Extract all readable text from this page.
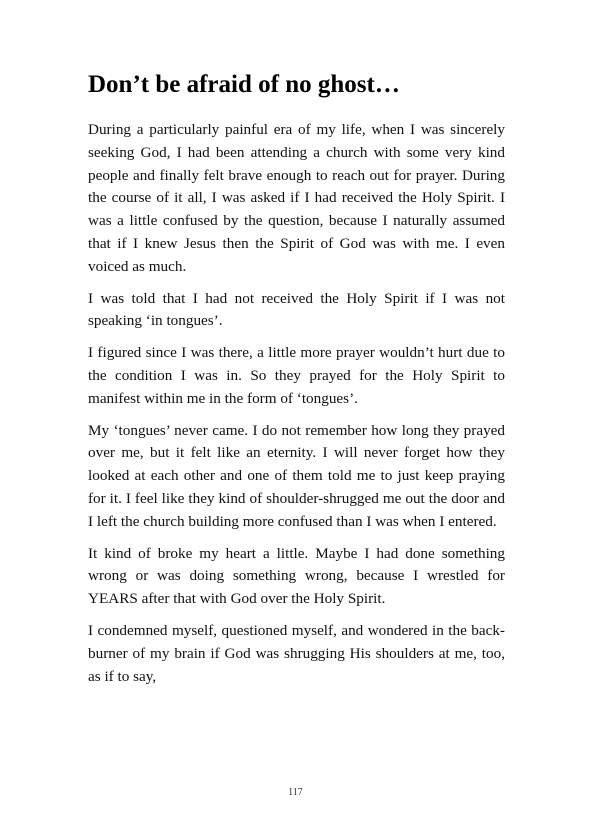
Don’t be afraid of no ghost…

During a particularly painful era of my life, when I was sincerely seeking God, I had been attending a church with some very kind people and finally felt brave enough to reach out for prayer. During the course of it all, I was asked if I had received the Holy Spirit. I was a little confused by the question, because I naturally assumed that if I knew Jesus then the Spirit of God was with me. I even voiced as much.

I was told that I had not received the Holy Spirit if I was not speaking ‘in tongues’.

I figured since I was there, a little more prayer wouldn’t hurt due to the condition I was in. So they prayed for the Holy Spirit to manifest within me in the form of ‘tongues’.

My ‘tongues’ never came. I do not remember how long they prayed over me, but it felt like an eternity. I will never forget how they looked at each other and one of them told me to just keep praying for it. I feel like they kind of shoulder-shrugged me out the door and I left the church building more confused than I was when I entered.

It kind of broke my heart a little. Maybe I had done something wrong or was doing something wrong, because I wrestled for YEARS after that with God over the Holy Spirit.

I condemned myself, questioned myself, and wondered in the back-burner of my brain if God was shrugging His shoulders at me, too, as if to say,

117
